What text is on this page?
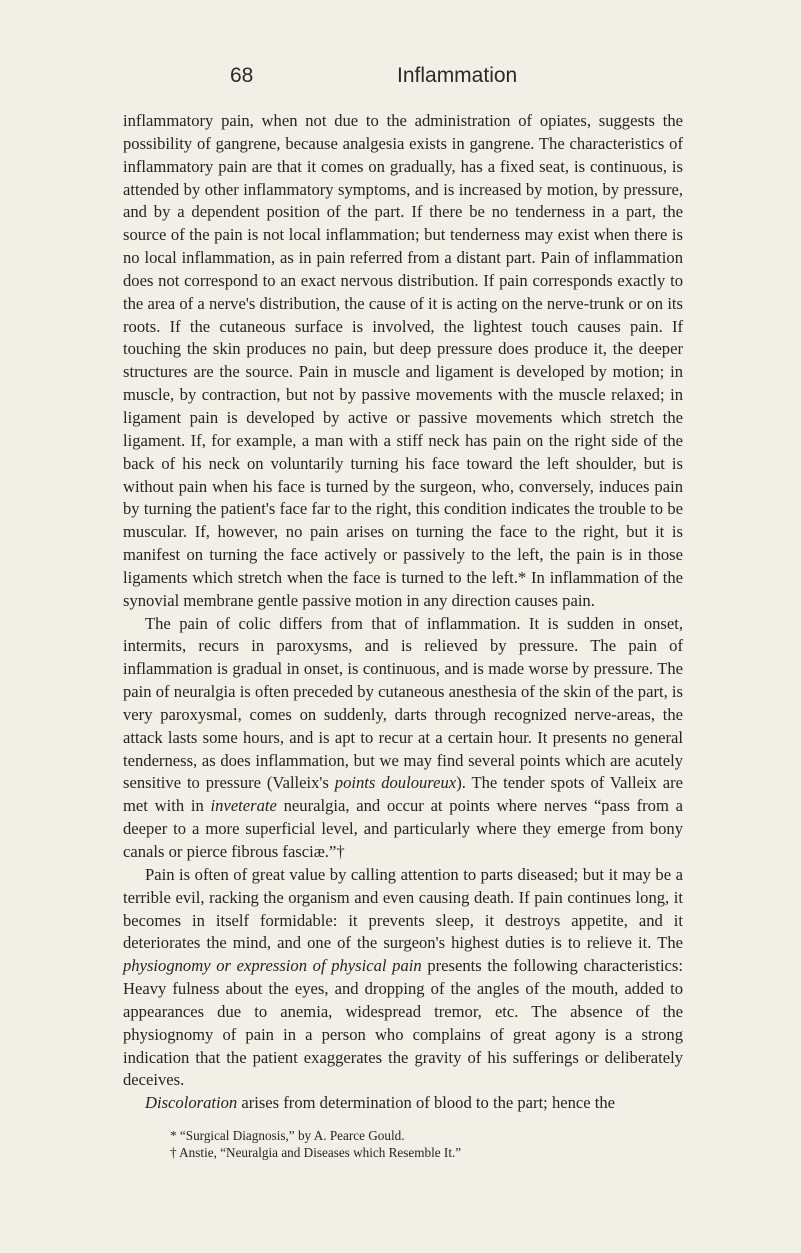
68	Inflammation

inflammatory pain, when not due to the administration of opiates, suggests the possibility of gangrene, because analgesia exists in gangrene. The characteristics of inflammatory pain are that it comes on gradually, has a fixed seat, is continuous, is attended by other inflammatory symptoms, and is increased by motion, by pressure, and by a dependent position of the part. If there be no tenderness in a part, the source of the pain is not local inflammation; but tenderness may exist when there is no local inflammation, as in pain referred from a distant part. Pain of inflammation does not correspond to an exact nervous distribution. If pain corresponds exactly to the area of a nerve's distribution, the cause of it is acting on the nerve-trunk or on its roots. If the cutaneous surface is involved, the lightest touch causes pain. If touching the skin produces no pain, but deep pressure does produce it, the deeper structures are the source. Pain in muscle and ligament is developed by motion; in muscle, by contraction, but not by passive movements with the muscle relaxed; in ligament pain is developed by active or passive movements which stretch the ligament. If, for example, a man with a stiff neck has pain on the right side of the back of his neck on voluntarily turning his face toward the left shoulder, but is without pain when his face is turned by the surgeon, who, conversely, induces pain by turning the patient's face far to the right, this condition indicates the trouble to be muscular. If, however, no pain arises on turning the face to the right, but it is manifest on turning the face actively or passively to the left, the pain is in those ligaments which stretch when the face is turned to the left.* In inflammation of the synovial membrane gentle passive motion in any direction causes pain.

The pain of colic differs from that of inflammation. It is sudden in onset, intermits, recurs in paroxysms, and is relieved by pressure. The pain of inflammation is gradual in onset, is continuous, and is made worse by pressure. The pain of neuralgia is often preceded by cutaneous anesthesia of the skin of the part, is very paroxysmal, comes on suddenly, darts through recognized nerve-areas, the attack lasts some hours, and is apt to recur at a certain hour. It presents no general tenderness, as does inflammation, but we may find several points which are acutely sensitive to pressure (Valleix's points douloureux). The tender spots of Valleix are met with in inveterate neuralgia, and occur at points where nerves “pass from a deeper to a more superficial level, and particularly where they emerge from bony canals or pierce fibrous fasciæ.”†

Pain is often of great value by calling attention to parts diseased; but it may be a terrible evil, racking the organism and even causing death. If pain continues long, it becomes in itself formidable: it prevents sleep, it destroys appetite, and it deteriorates the mind, and one of the surgeon's highest duties is to relieve it. The physiognomy or expression of physical pain presents the following characteristics: Heavy fulness about the eyes, and dropping of the angles of the mouth, added to appearances due to anemia, widespread tremor, etc. The absence of the physiognomy of pain in a person who complains of great agony is a strong indication that the patient exaggerates the gravity of his sufferings or deliberately deceives.

Discoloration arises from determination of blood to the part; hence the

* “Surgical Diagnosis,” by A. Pearce Gould.
† Anstie, “Neuralgia and Diseases which Resemble It.”
